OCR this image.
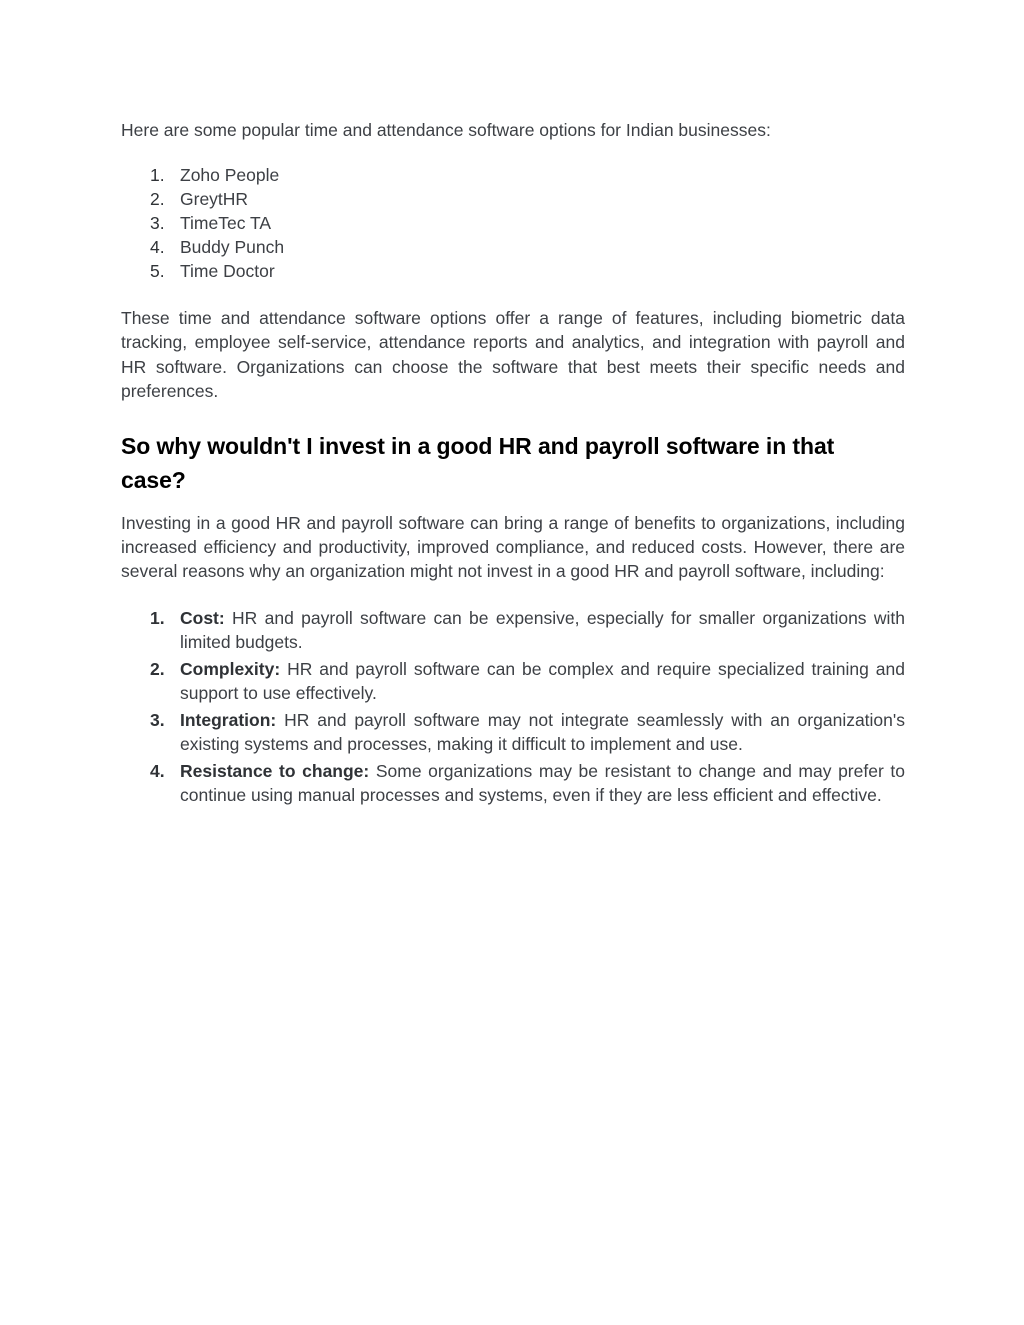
Here are some popular time and attendance software options for Indian businesses:

1. Zoho People
2. GreytHR
3. TimeTec TA
4. Buddy Punch
5. Time Doctor

These time and attendance software options offer a range of features, including biometric data tracking, employee self-service, attendance reports and analytics, and integration with payroll and HR software. Organizations can choose the software that best meets their specific needs and preferences.

So why wouldn't I invest in a good HR and payroll software in that case?

Investing in a good HR and payroll software can bring a range of benefits to organizations, including increased efficiency and productivity, improved compliance, and reduced costs. However, there are several reasons why an organization might not invest in a good HR and payroll software, including:

1. Cost: HR and payroll software can be expensive, especially for smaller organizations with limited budgets.
2. Complexity: HR and payroll software can be complex and require specialized training and support to use effectively.
3. Integration: HR and payroll software may not integrate seamlessly with an organization's existing systems and processes, making it difficult to implement and use.
4. Resistance to change: Some organizations may be resistant to change and may prefer to continue using manual processes and systems, even if they are less efficient and effective.
